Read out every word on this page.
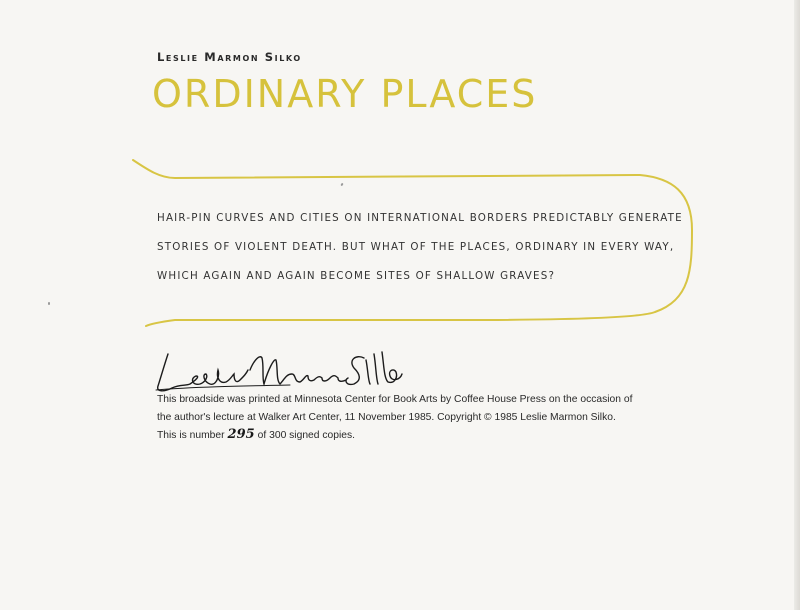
Leslie Marmon Silko
ORDINARY PLACES
HAIR-PIN CURVES AND CITIES ON INTERNATIONAL BORDERS PREDICTABLY GENERATE
STORIES OF VIOLENT DEATH. BUT WHAT OF THE PLACES, ORDINARY IN EVERY WAY,
WHICH AGAIN AND AGAIN BECOME SITES OF SHALLOW GRAVES?
This broadside was printed at Minnesota Center for Book Arts by Coffee House Press on the occasion of
the author's lecture at Walker Art Center, 11 November 1985. Copyright © 1985 Leslie Marmon Silko.
This is number 295 of 300 signed copies.
